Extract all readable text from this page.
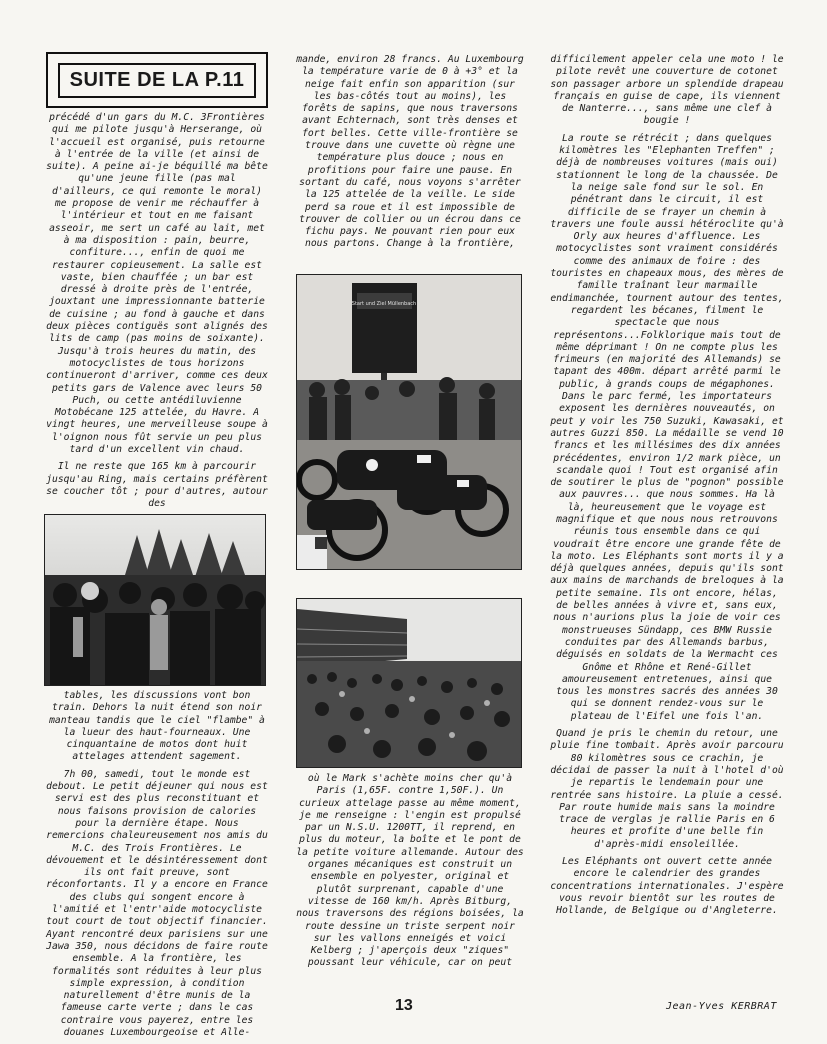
SUITE DE LA P.11

précédé d'un gars du M.C. 3Frontières qui me pilote jusqu'à Herserange, où l'accueil est organisé, puis retourne à l'entrée de la ville (et ainsi de suite). A peine ai-je béquillé ma bête qu'une jeune fille (pas mal d'ailleurs, ce qui remonte le moral) me propose de venir me réchauffer à l'intérieur et tout en me faisant asseoir, me sert un café au lait, met à ma disposition : pain, beurre, confiture..., enfin de quoi me restaurer copieusement. La salle est vaste, bien chauffée ; un bar est dressé à droite près de l'entrée, jouxtant une impressionnante batterie de cuisine ; au fond à gauche et dans deux pièces contiguës sont alignés des lits de camp (pas moins de soixante). Jusqu'à trois heures du matin, des motocyclistes de tous horizons continueront d'arriver, comme ces deux petits gars de Valence avec leurs 50 Puch, ou cette antédiluvienne Motobécane 125 attelée, du Havre. A vingt heures, une merveilleuse soupe à l'oignon nous fût servie un peu plus tard d'un excellent vin chaud.

Il ne reste que 165 km à parcourir jusqu'au Ring, mais certains préfèrent se coucher tôt ; pour d'autres, autour des

tables, les discussions vont bon train. Dehors la nuit étend son noir manteau tandis que le ciel "flambe" à la lueur des haut-fourneaux. Une cinquantaine de motos dont huit attelages attendent sagement.

7h 00, samedi, tout le monde est debout. Le petit déjeuner qui nous est servi est des plus reconstituant et nous faisons provision de calories pour la dernière étape. Nous remercions chaleureusement nos amis du M.C. des Trois Frontières. Le dévouement et le désintéressement dont ils ont fait preuve, sont réconfortants. Il y a encore en France des clubs qui songent encore à l'amitié et l'entr'aide motocycliste tout court de tout objectif financier. Ayant rencontré deux parisiens sur une Jawa 350, nous décidons de faire route ensemble. A la frontière, les formalités sont réduites à leur plus simple expression, à condition naturellement d'être munis de la fameuse carte verte ; dans le cas contraire vous payerez, entre les douanes Luxembourgeoise et Alle-

mande, environ 28 francs. Au Luxembourg la température varie de 0 à +3° et la neige fait enfin son apparition (sur les bas-côtés tout au moins), les forêts de sapins, que nous traversons avant Echternach, sont très denses et fort belles. Cette ville-frontière se trouve dans une cuvette où règne une température plus douce ; nous en profitions pour faire une pause. En sortant du café, nous voyons s'arrêter la 125 attelée de la veille. Le side perd sa roue et il est impossible de trouver de collier ou un écrou dans ce fichu pays. Ne pouvant rien pour eux nous partons. Change à la frontière,

où le Mark s'achète moins cher qu'à Paris (1,65F. contre 1,50F.). Un curieux attelage passe au même moment, je me renseigne : l'engin est propulsé par un N.S.U. 1200TT, il reprend, en plus du moteur, la boîte et le pont de la petite voiture allemande. Autour des organes mécaniques est construit un ensemble en polyester, original et plutôt surprenant, capable d'une vitesse de 160 km/h. Après Bitburg, nous traversons des régions boisées, la route dessine un triste serpent noir sur les vallons enneigés et voici Kelberg ; j'aperçois deux "ziques" poussant leur véhicule, car on peut

difficilement appeler cela une moto ! le pilote revêt une couverture de cotonet son passager arbore un splendide drapeau français en guise de cape, ils viennent de Nanterre..., sans même une clef à bougie !

La route se rétrécit ; dans quelques kilomètres les "Elephanten Treffen" ; déjà de nombreuses voitures (mais oui) stationnent le long de la chaussée. De la neige sale fond sur le sol. En pénétrant dans le circuit, il est difficile de se frayer un chemin à travers une foule aussi hétéroclite qu'à Orly aux heures d'affluence. Les motocyclistes sont vraiment considérés comme des animaux de foire : des touristes en chapeaux mous, des mères de famille traînant leur marmaille endimanchée, tournent autour des tentes, regardent les bécanes, filment le spectacle que nous représentons...Folklorique mais tout de même déprimant ! On ne compte plus les frimeurs (en majorité des Allemands) se tapant des 400m. départ arrêté parmi le public, à grands coups de mégaphones. Dans le parc fermé, les importateurs exposent les dernières nouveautés, on peut y voir les 750 Suzuki, Kawasaki, et autres Guzzi 850. La médaille se vend 10 francs et les millésimes des dix années précédentes, environ 1/2 mark pièce, un scandale quoi ! Tout est organisé afin de soutirer le plus de "pognon" possible aux pauvres... que nous sommes. Ha là là, heureusement que le voyage est magnifique et que nous nous retrouvons réunis tous ensemble dans ce qui voudrait être encore une grande fête de la moto. Les Eléphants sont morts il y a déjà quelques années, depuis qu'ils sont aux mains de marchands de breloques à la petite semaine. Ils ont encore, hélas, de belles années à vivre et, sans eux, nous n'aurions plus la joie de voir ces monstrueuses Sündapp, ces BMW Russie conduites par des Allemands barbus, déguisés en soldats de la Wermacht ces Gnôme et Rhône et René-Gillet amoureusement entretenues, ainsi que tous les monstres sacrés des années 30 qui se donnent rendez-vous sur le plateau de l'Eifel une fois l'an.

Quand je pris le chemin du retour, une pluie fine tombait. Après avoir parcouru 80 kilomètres sous ce crachin, je décidai de passer la nuit à l'hotel d'où je repartis le lendemain pour une rentrée sans histoire. La pluie a cessé. Par route humide mais sans la moindre trace de verglas je rallie Paris en 6 heures et profite d'une belle fin d'après-midi ensoleillée.

Les Eléphants ont ouvert cette année encore le calendrier des grandes concentrations internationales. J'espère vous revoir bientôt sur les routes de Hollande, de Belgique ou d'Angleterre.

Start und Ziel Müllenbach
13	Jean-Yves KERBRAT
